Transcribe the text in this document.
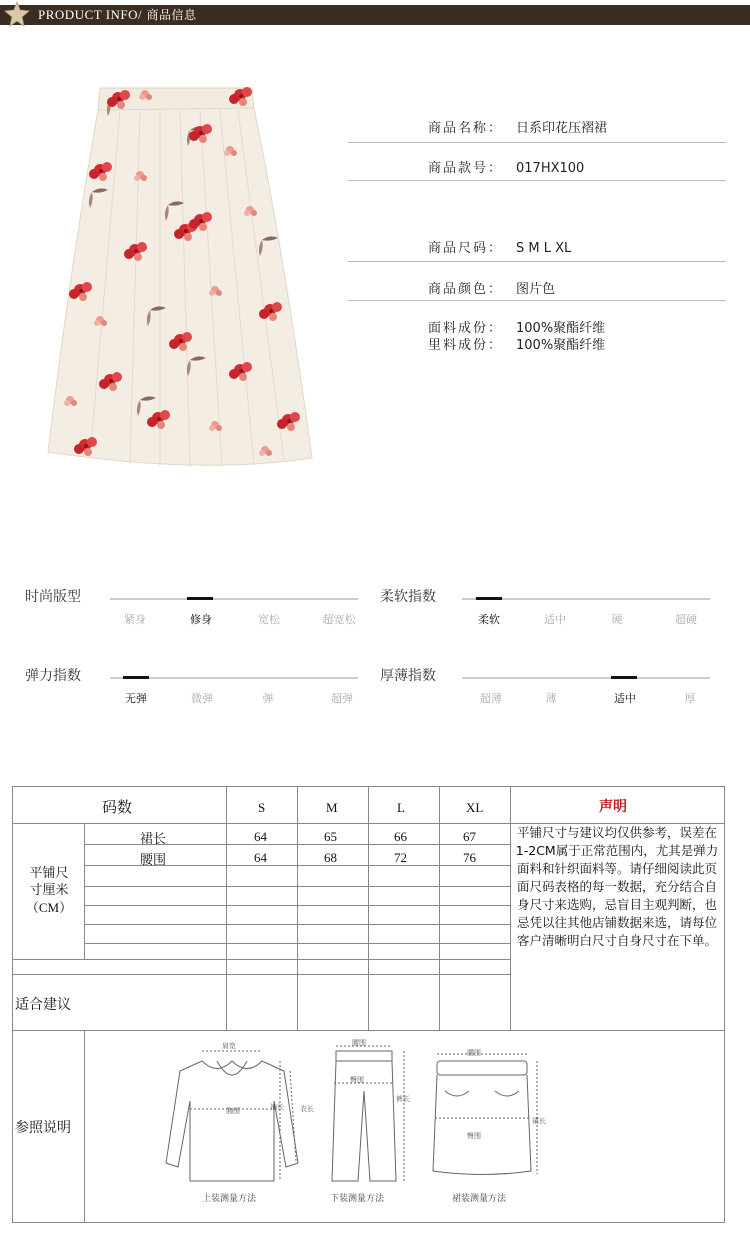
PRODUCT INFO/ 商品信息
商品名称： 日系印花压褶裙
商品款号： 017HX100
商品尺码： S M L XL
商品颜色： 图片色
面料成份： 100%聚酯纤维
里料成份： 100%聚酯纤维
时尚版型
紧身	修身	宽松	超宽松
柔软指数
柔软	适中	硬	超硬
弹力指数
无弹	微弹	弹	超弹
厚薄指数
超薄	薄	适中	厚
码数	S	M	L	XL	声明
平铺尺
寸厘米
（CM）
裙长	64	65	66	67
腰围	64	68	72	76
平铺尺寸与建议均仅供参考，误差在1-2CM属于正常范围内，尤其是弹力面料和针织面料等。请仔细阅读此页面尺码表格的每一数据，充分结合自身尺寸来选购，忌盲目主观判断，也忌凭以往其他店铺数据来选，请每位客户清晰明白尺寸自身尺寸在下单。
适合建议
参照说明
肩宽
胸围	袖长 衣长
上装测量方法
腰围
臀围
裤长
下装测量方法
腰围
臀围
裙长
裙装测量方法
